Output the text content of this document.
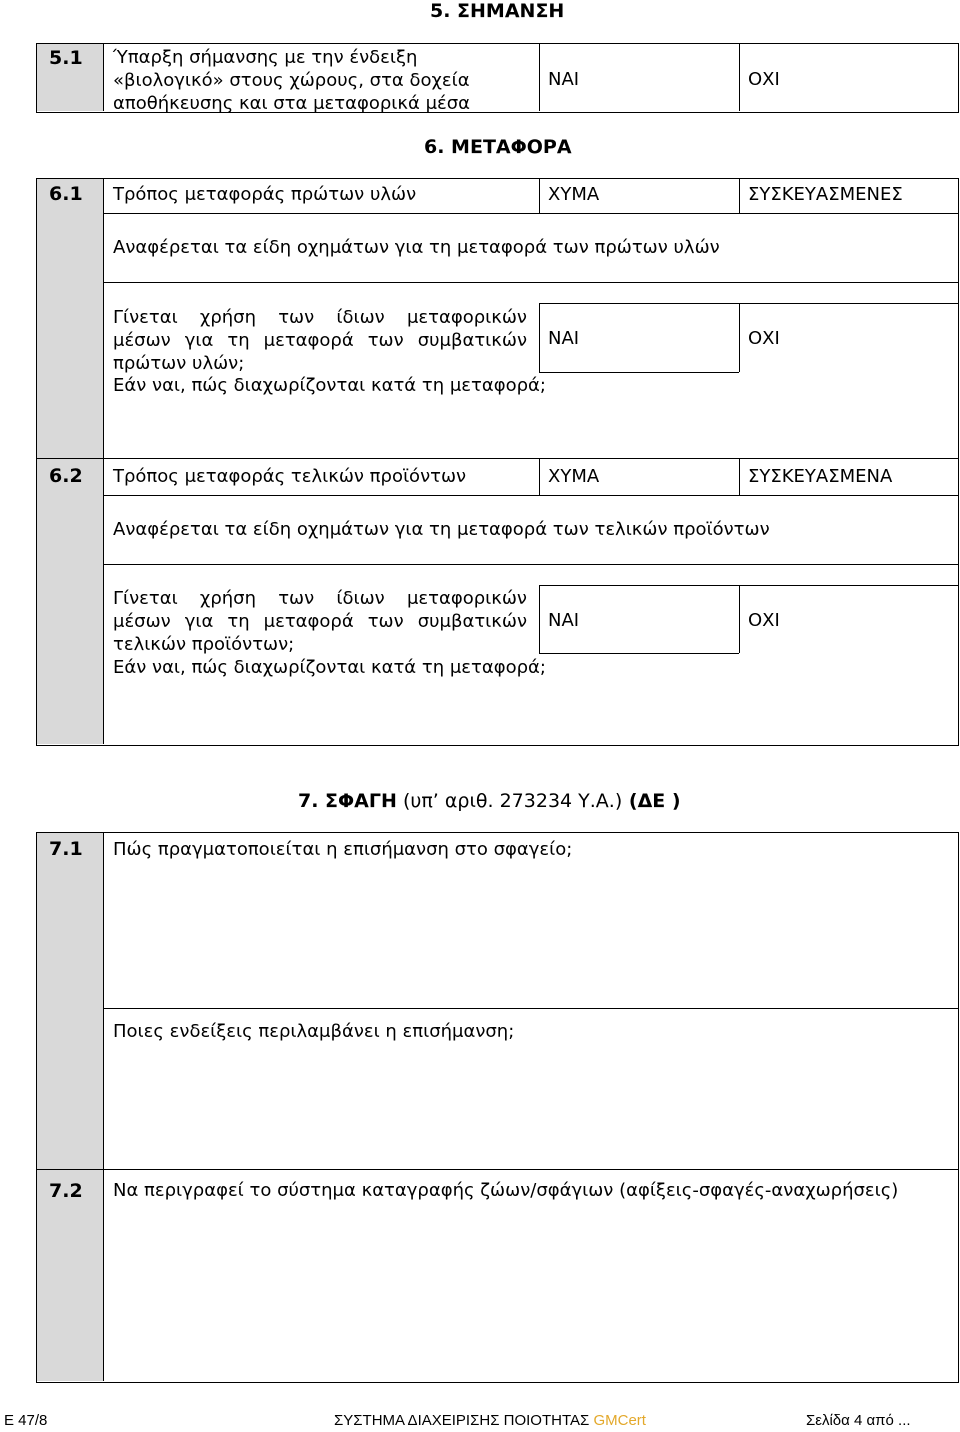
5. ΣΗΜΑΝΣΗ
5.1 Ύπαρξη σήμανσης με την ένδειξη
«βιολογικό» στους χώρους, στα δοχεία
αποθήκευσης και στα μεταφορικά μέσα
ΝΑΙ	ΟΧΙ
6. ΜΕΤΑΦΟΡΑ
6.1 Τρόπος μεταφοράς πρώτων υλών	ΧΥΜΑ	ΣΥΣΚΕΥΑΣΜΕΝΕΣ
Αναφέρεται τα είδη οχημάτων για τη μεταφορά των πρώτων υλών
Γίνεται χρήση των ίδιων μεταφορικών
μέσων για τη μεταφορά των συμβατικών
πρώτων υλών;
Εάν ναι, πώς διαχωρίζονται κατά τη μεταφορά;
ΝΑΙ	ΟΧΙ
6.2 Τρόπος μεταφοράς τελικών προϊόντων	ΧΥΜΑ	ΣΥΣΚΕΥΑΣΜΕΝΑ
Αναφέρεται τα είδη οχημάτων για τη μεταφορά των τελικών προϊόντων
Γίνεται χρήση των ίδιων μεταφορικών
μέσων για τη μεταφορά των συμβατικών
τελικών προϊόντων;
Εάν ναι, πώς διαχωρίζονται κατά τη μεταφορά;
ΝΑΙ	ΟΧΙ
7. ΣΦΑΓΗ (υπ’ αριθ. 273234 Υ.Α.) (ΔΕ )
7.1 Πώς πραγματοποιείται η επισήμανση στο σφαγείο;
Ποιες ενδείξεις περιλαμβάνει η επισήμανση;
7.2 Να περιγραφεί το σύστημα καταγραφής ζώων/σφάγιων (αφίξεις-σφαγές-αναχωρήσεις)
Ε 47/8	ΣΥΣΤΗΜΑ ΔΙΑΧΕΙΡΙΣΗΣ ΠΟΙΟΤΗΤΑΣ GMCert	Σελίδα 4 από ...
